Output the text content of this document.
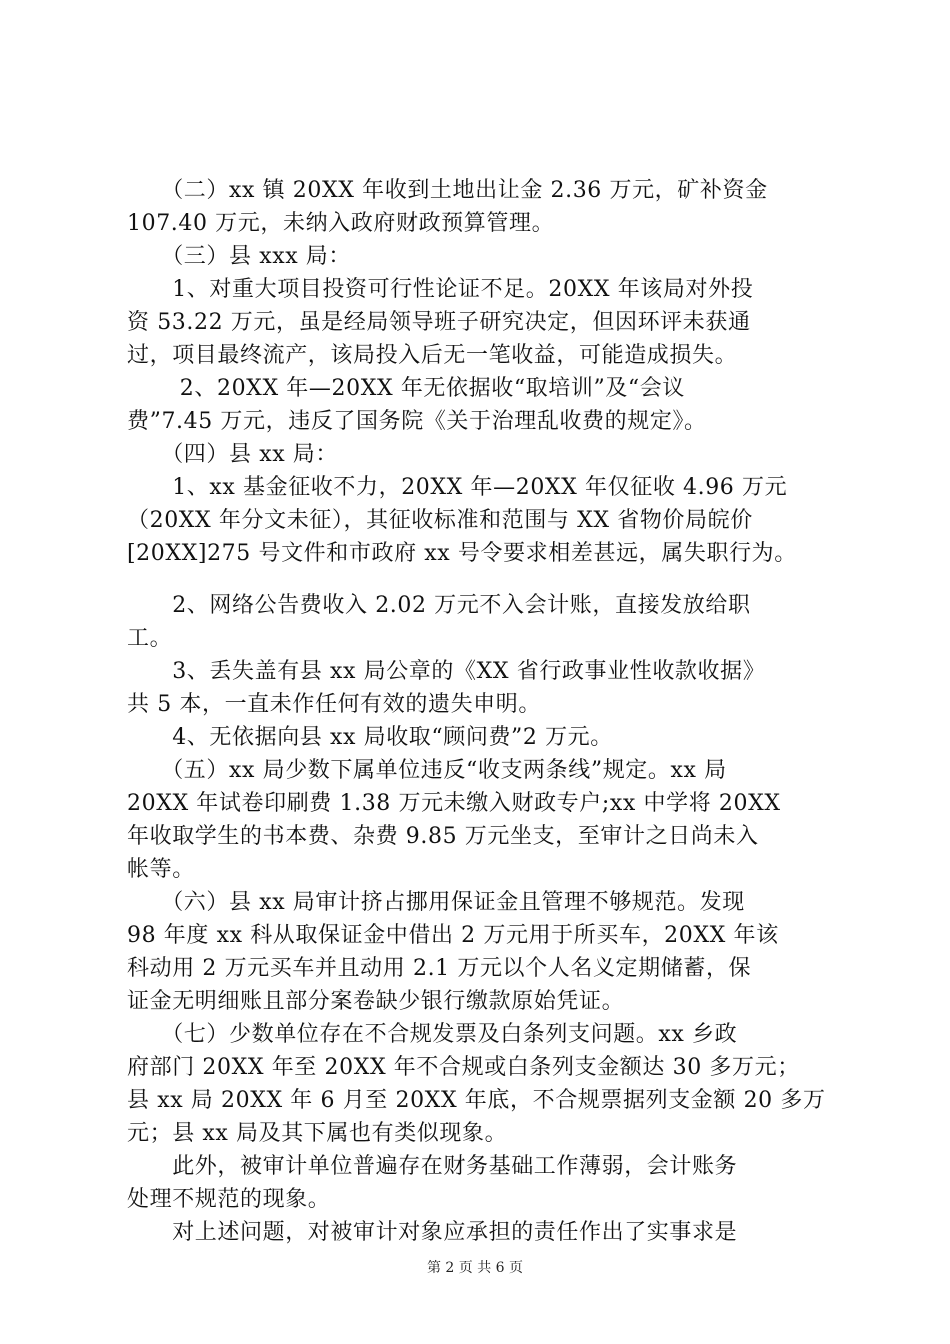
　　（二）xx 镇 20XX 年收到土地出让金 2.36 万元，矿补资金
107.40 万元，未纳入政府财政预算管理。
　　（三）县 xxx 局：
　　1、对重大项目投资可行性论证不足。20XX 年该局对外投
资 53.22 万元，虽是经局领导班子研究决定，但因环评未获通
过，项目最终流产，该局投入后无一笔收益，可能造成损失。
　　 2、20XX 年—20XX 年无依据收“取培训”及“会议
费”7.45 万元，违反了国务院《关于治理乱收费的规定》。
　　（四）县 xx 局：
　　1、xx 基金征收不力，20XX 年—20XX 年仅征收 4.96 万元
（20XX 年分文未征），其征收标准和范围与 XX 省物价局皖价
[20XX]275 号文件和市政府 xx 号令要求相差甚远，属失职行为。
　　2、网络公告费收入 2.02 万元不入会计账，直接发放给职
工。
　　3、丢失盖有县 xx 局公章的《XX 省行政事业性收款收据》
共 5 本，一直未作任何有效的遗失申明。
　　4、无依据向县 xx 局收取“顾问费”2 万元。
　　（五）xx 局少数下属单位违反“收支两条线”规定。xx 局
20XX 年试卷印刷费 1.38 万元未缴入财政专户;xx 中学将 20XX
年收取学生的书本费、杂费 9.85 万元坐支，至审计之日尚未入
帐等。
　　（六）县 xx 局审计挤占挪用保证金且管理不够规范。发现
98 年度 xx 科从取保证金中借出 2 万元用于所买车，20XX 年该
科动用 2 万元买车并且动用 2.1 万元以个人名义定期储蓄，保
证金无明细账且部分案卷缺少银行缴款原始凭证。
　　（七）少数单位存在不合规发票及白条列支问题。xx 乡政
府部门 20XX 年至 20XX 年不合规或白条列支金额达 30 多万元；
县 xx 局 20XX 年 6 月至 20XX 年底，不合规票据列支金额 20 多万
元；县 xx 局及其下属也有类似现象。
　　此外，被审计单位普遍存在财务基础工作薄弱，会计账务
处理不规范的现象。
　　对上述问题，对被审计对象应承担的责任作出了实事求是
第 2 页 共 6 页
